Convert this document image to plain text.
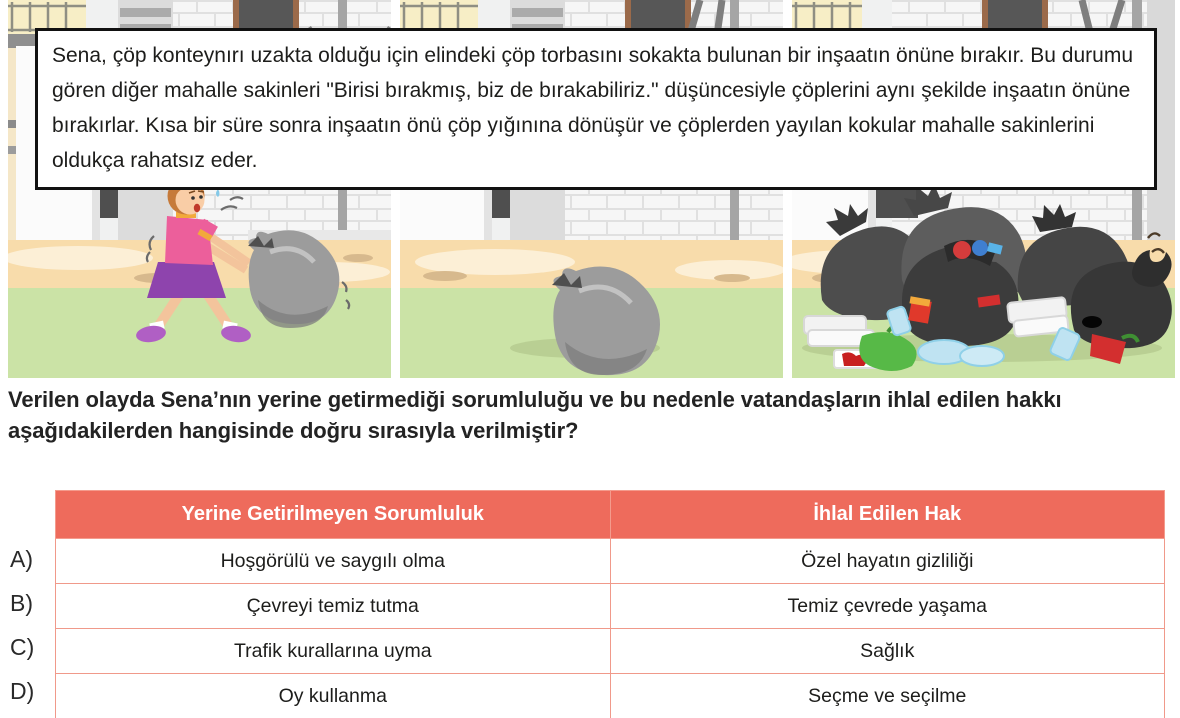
Sena, çöp konteynırı uzakta olduğu için elindeki çöp torbasını sokakta bulunan bir inşaatın önüne bırakır. Bu durumu gören diğer mahalle sakinleri "Birisi bırakmış, biz de bırakabiliriz." düşüncesiyle çöplerini aynı şekilde inşaatın önüne bırakırlar. Kısa bir süre sonra inşaatın önü çöp yığınına dönüşür ve çöplerden yayılan kokular mahalle sakinlerini oldukça rahatsız eder.

Verilen olayda Sena’nın yerine getirmediği sorumluluğu ve bu nedenle vatandaşların ihlal edilen hakkı aşağıdakilerden hangisinde doğru sırasıyla verilmiştir?

A)
B)
C)
D)
Yerine Getirilmeyen Sorumluluk	İhlal Edilen Hak
Hoşgörülü ve saygılı olma	Özel hayatın gizliliği
Çevreyi temiz tutma	Temiz çevrede yaşama
Trafik kurallarına uyma	Sağlık
Oy kullanma	Seçme ve seçilme
